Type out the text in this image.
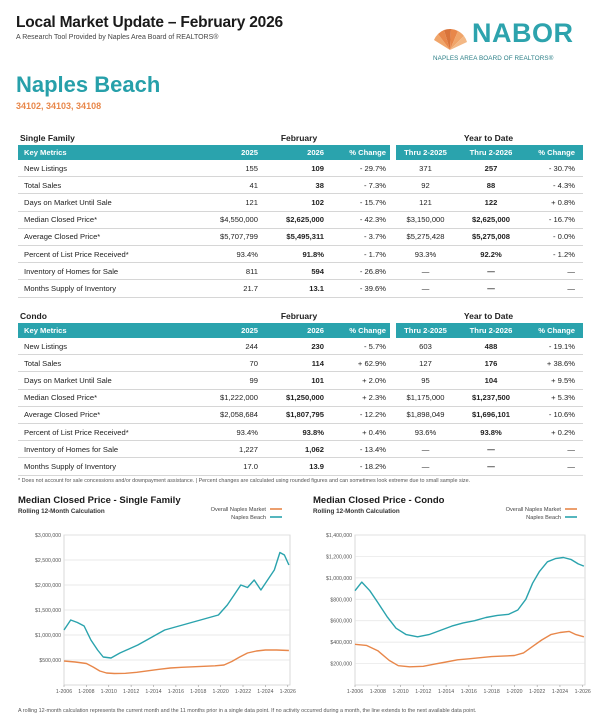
Local Market Update – February 2026
A Research Tool Provided by Naples Area Board of REALTORS®	NABOR
NAPLES AREA BOARD OF REALTORS®
Naples Beach
34102, 34103, 34108
Single Family	February	Year to Date
Key Metrics	2025	2026	% Change	Thru 2-2025	Thru 2-2026	% Change
New Listings	155	109	- 29.7%	371	257	- 30.7%
Total Sales	41	38	- 7.3%	92	88	- 4.3%
Days on Market Until Sale	121	102	- 15.7%	121	122	+ 0.8%
Median Closed Price*	$4,550,000	$2,625,000	- 42.3%	$3,150,000	$2,625,000	- 16.7%
Average Closed Price*	$5,707,799	$5,495,311	- 3.7%	$5,275,428	$5,275,008	- 0.0%
Percent of List Price Received*	93.4%	91.8%	- 1.7%	93.3%	92.2%	- 1.2%
Inventory of Homes for Sale	811	594	- 26.8%	—	—	—
Months Supply of Inventory	21.7	13.1	- 39.6%	—	—	—
Condo	February	Year to Date
Key Metrics	2025	2026	% Change	Thru 2-2025	Thru 2-2026	% Change
New Listings	244	230	- 5.7%	603	488	- 19.1%
Total Sales	70	114	+ 62.9%	127	176	+ 38.6%
Days on Market Until Sale	99	101	+ 2.0%	95	104	+ 9.5%
Median Closed Price*	$1,222,000	$1,250,000	+ 2.3%	$1,175,000	$1,237,500	+ 5.3%
Average Closed Price*	$2,058,684	$1,807,795	- 12.2%	$1,898,049	$1,696,101	- 10.6%
Percent of List Price Received*	93.4%	93.8%	+ 0.4%	93.6%	93.8%	+ 0.2%
Inventory of Homes for Sale	1,227	1,062	- 13.4%	—	—	—
Months Supply of Inventory	17.0	13.9	- 18.2%	—	—	—
* Does not account for sale concessions and/or downpayment assistance. | Percent changes are calculated using rounded figures and can sometimes look extreme due to small sample size.
$500,000
$1,000,000
$1,500,000
$2,000,000
$2,500,000
$3,000,000
1-2006 1-2008 1-2010 1-2012 1-2014 1-2016 1-2018 1-2020 1-2022 1-2024 1-2026
Overall Naples Market
Naples Beach
Median Closed Price - Single Family
Rolling 12-Month Calculation
$200,000
$400,000
$600,000
$800,000
$1,000,000
$1,200,000
$1,400,000
1-2006 1-2008 1-2010 1-2012 1-2014 1-2016 1-2018 1-2020 1-2022 1-2024 1-2026
Overall Naples Market
Naples Beach
Median Closed Price - Condo
Rolling 12-Month Calculation
A rolling 12-month calculation represents the current month and the 11 months prior in a single data point. If no activity occurred during a month, the line extends to the next available data point.
